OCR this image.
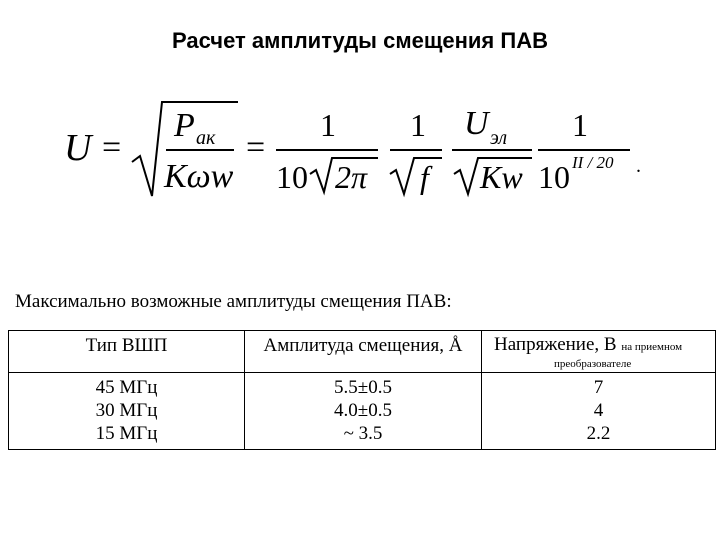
Расчет амплитуды смещения ПАВ
U =
P ак
Kωw
=
1
10 2π
1
f
U эл
Kw
1
10 II / 20 .
Максимально возможные амплитуды смещения ПАВ:
Тип ВШП	Амплитуда смещения, Å	Напряжение, В на приемном
преобразователе

45 МГц	5.5±0.5	7
30 МГц	4.0±0.5	4
15 МГц	~ 3.5	2.2
